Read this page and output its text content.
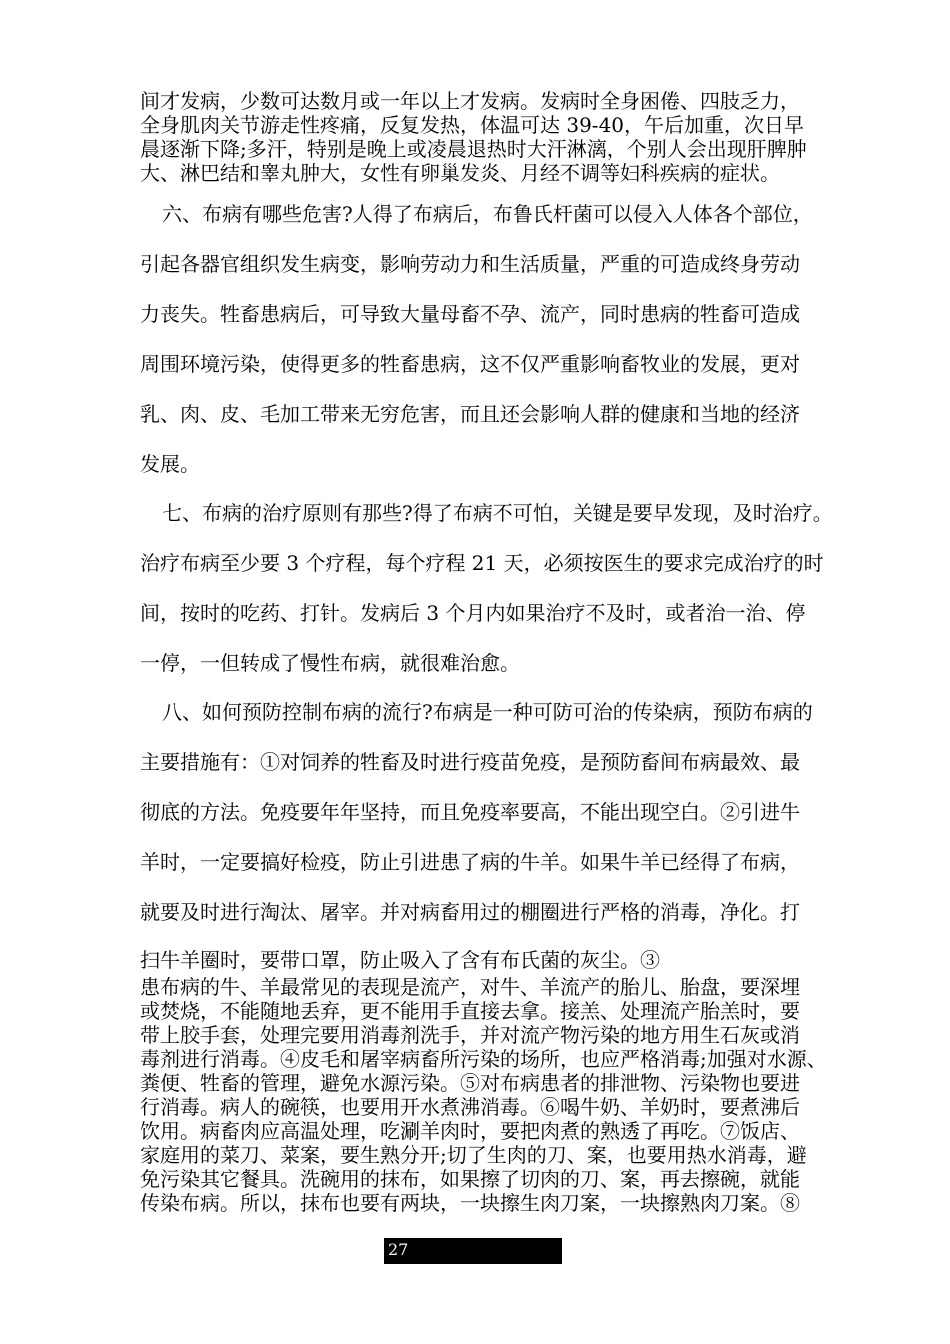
间才发病，少数可达数月或一年以上才发病。发病时全身困倦、四肢乏力，
全身肌肉关节游走性疼痛，反复发热，体温可达 39-40，午后加重，次日早
晨逐渐下降;多汗，特别是晚上或凌晨退热时大汗淋漓，个别人会出现肝脾肿
大、淋巴结和睾丸肿大，女性有卵巢发炎、月经不调等妇科疾病的症状。
六、布病有哪些危害?人得了布病后，布鲁氏杆菌可以侵入人体各个部位，
引起各器官组织发生病变，影响劳动力和生活质量，严重的可造成终身劳动
力丧失。牲畜患病后，可导致大量母畜不孕、流产，同时患病的牲畜可造成
周围环境污染，使得更多的牲畜患病，这不仅严重影响畜牧业的发展，更对
乳、肉、皮、毛加工带来无穷危害，而且还会影响人群的健康和当地的经济
发展。
七、布病的治疗原则有那些?得了布病不可怕，关键是要早发现，及时治疗。
治疗布病至少要 3 个疗程，每个疗程 21 天，必须按医生的要求完成治疗的时
间，按时的吃药、打针。发病后 3 个月内如果治疗不及时，或者治一治、停
一停，一但转成了慢性布病，就很难治愈。
八、如何预防控制布病的流行?布病是一种可防可治的传染病，预防布病的
主要措施有：①对饲养的牲畜及时进行疫苗免疫，是预防畜间布病最效、最
彻底的方法。免疫要年年坚持，而且免疫率要高，不能出现空白。②引进牛
羊时，一定要搞好检疫，防止引进患了病的牛羊。如果牛羊已经得了布病，
就要及时进行淘汰、屠宰。并对病畜用过的棚圈进行严格的消毒，净化。打
扫牛羊圈时，要带口罩，防止吸入了含有布氏菌的灰尘。③
患布病的牛、羊最常见的表现是流产，对牛、羊流产的胎儿、胎盘，要深埋
或焚烧，不能随地丢弃，更不能用手直接去拿。接羔、处理流产胎羔时，要
带上胶手套，处理完要用消毒剂洗手，并对流产物污染的地方用生石灰或消
毒剂进行消毒。④皮毛和屠宰病畜所污染的场所，也应严格消毒;加强对水源、
粪便、牲畜的管理，避免水源污染。⑤对布病患者的排泄物、污染物也要进
行消毒。病人的碗筷，也要用开水煮沸消毒。⑥喝牛奶、羊奶时，要煮沸后
饮用。病畜肉应高温处理，吃涮羊肉时，要把肉煮的熟透了再吃。⑦饭店、
家庭用的菜刀、菜案，要生熟分开;切了生肉的刀、案，也要用热水消毒，避
免污染其它餐具。洗碗用的抹布，如果擦了切肉的刀、案，再去擦碗，就能
传染布病。所以，抹布也要有两块，一块擦生肉刀案，一块擦熟肉刀案。⑧
27
